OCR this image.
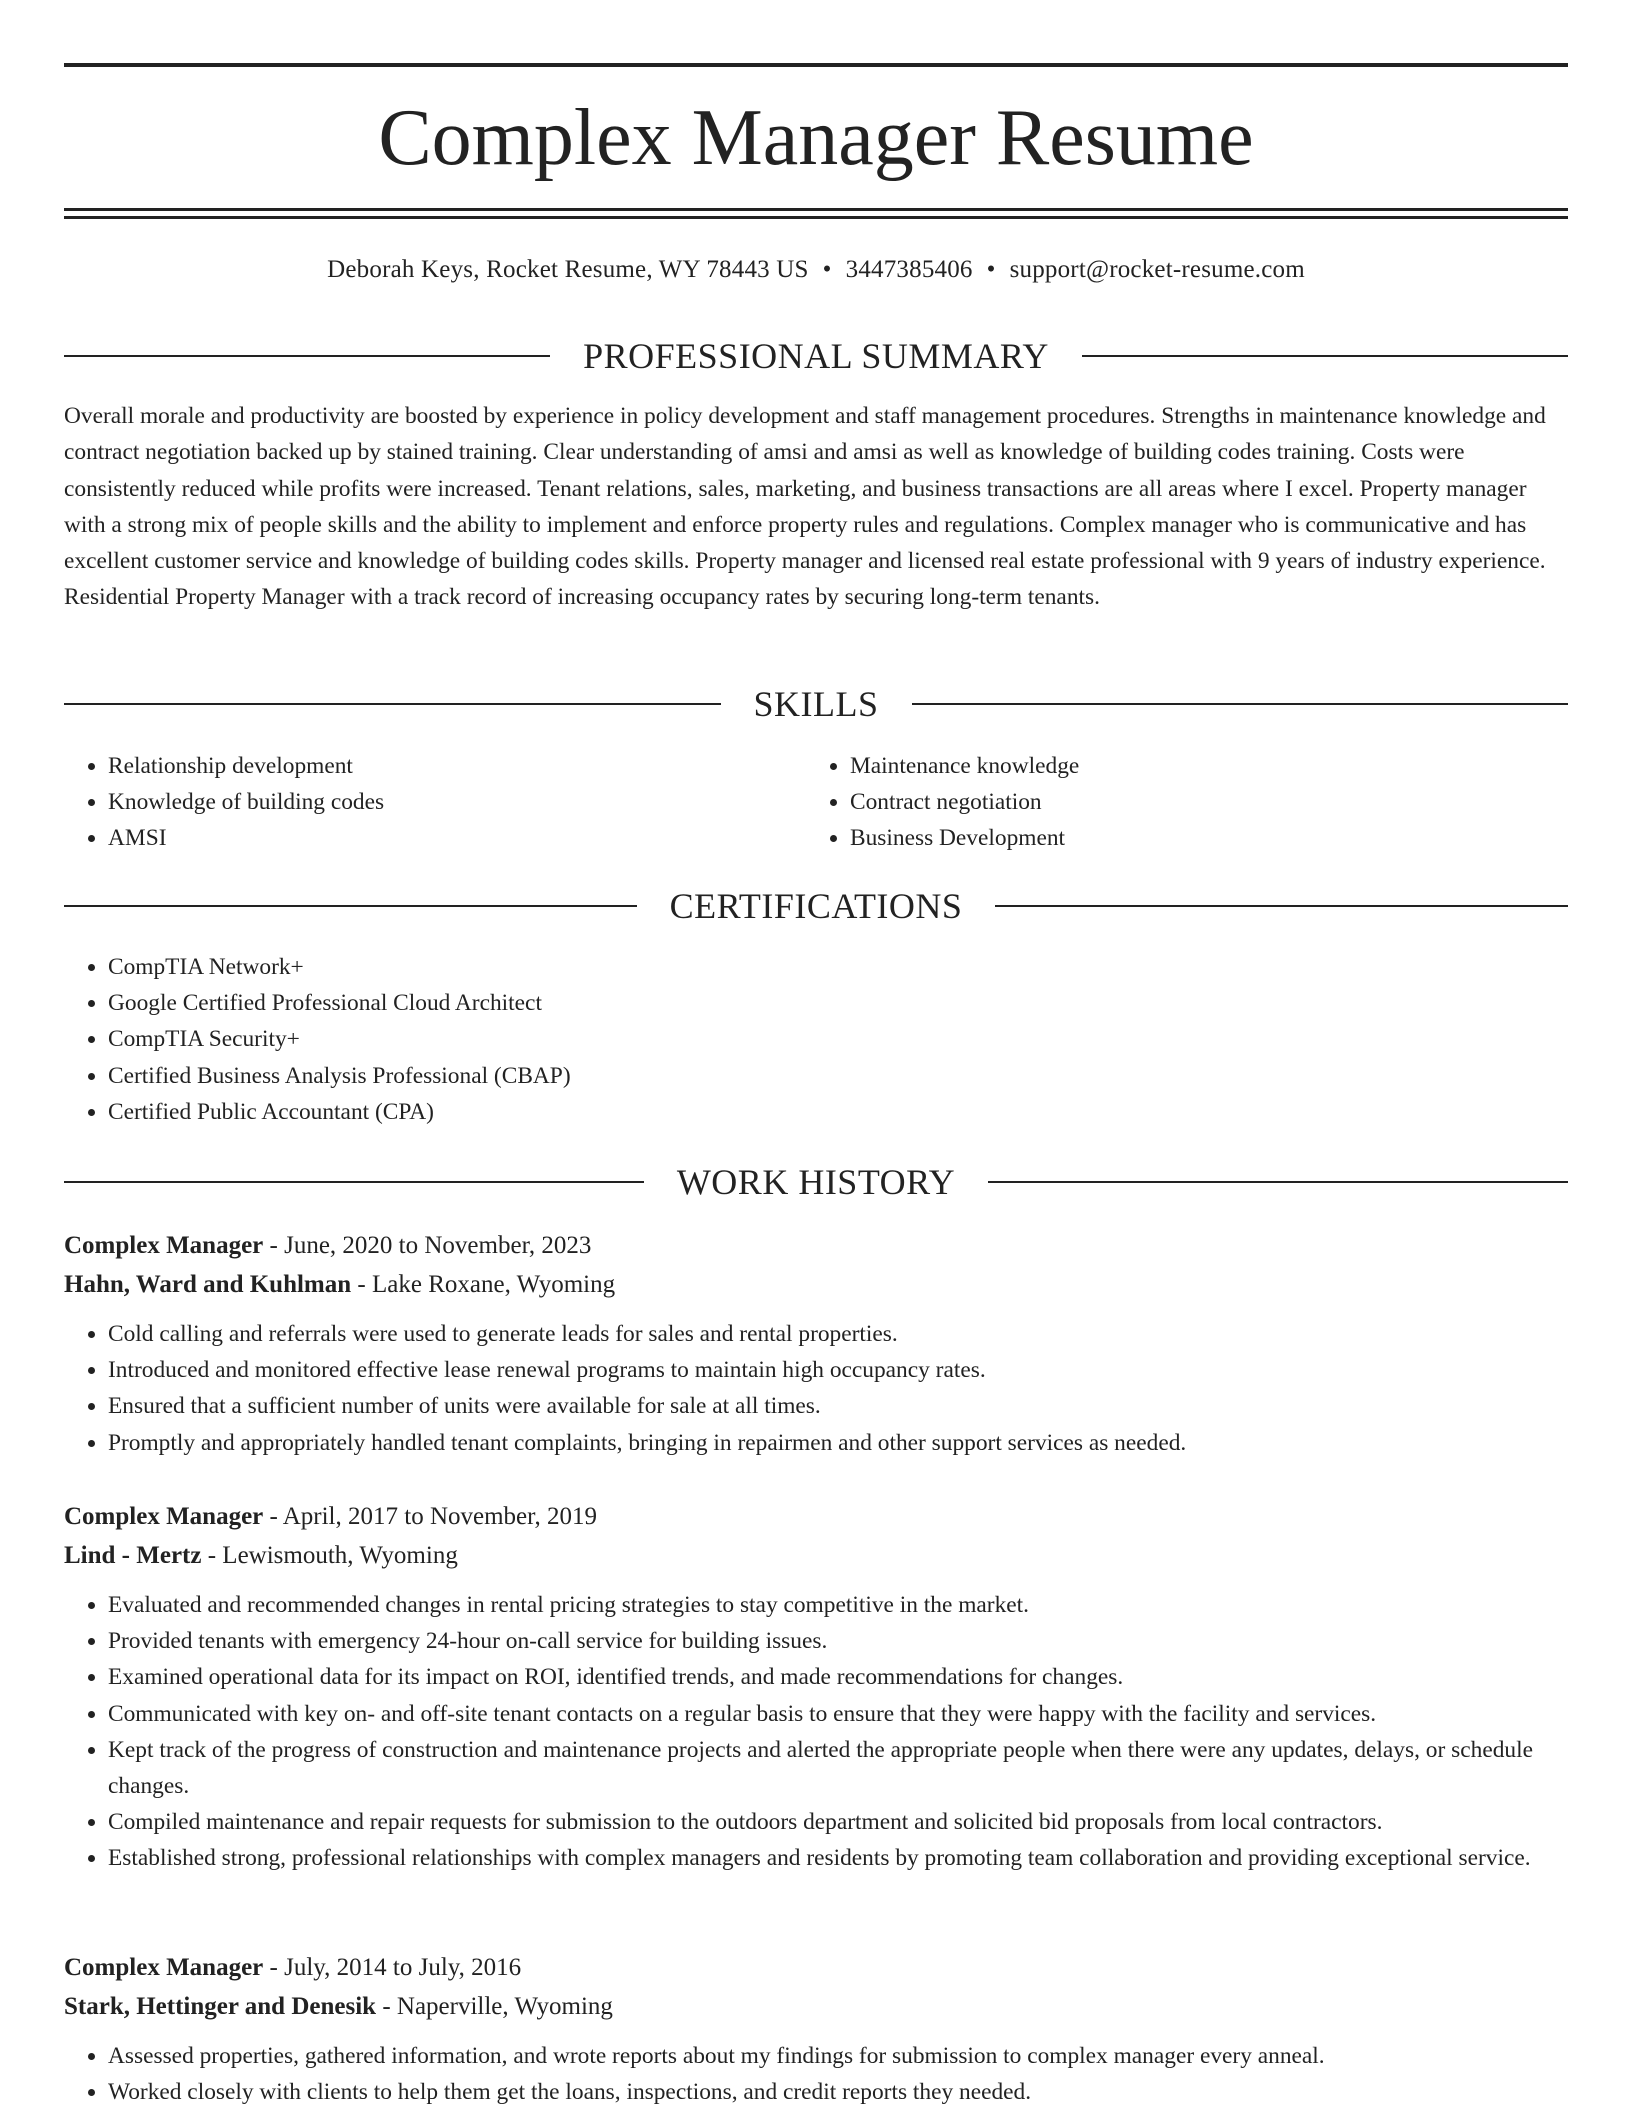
Complex Manager Resume
Deborah Keys, Rocket Resume, WY 78443 US • 3447385406 • support@rocket-resume.com
PROFESSIONAL SUMMARY

Overall morale and productivity are boosted by experience in policy development and staff management procedures. Strengths in maintenance knowledge and contract negotiation backed up by stained training. Clear understanding of amsi and amsi as well as knowledge of building codes training. Costs were consistently reduced while profits were increased. Tenant relations, sales, marketing, and business transactions are all areas where I excel. Property manager with a strong mix of people skills and the ability to implement and enforce property rules and regulations. Complex manager who is communicative and has excellent customer service and knowledge of building codes skills. Property manager and licensed real estate professional with 9 years of industry experience. Residential Property Manager with a track record of increasing occupancy rates by securing long-term tenants.

SKILLS
• Relationship development
• Knowledge of building codes
• AMSI
• Maintenance knowledge
• Contract negotiation
• Business Development
CERTIFICATIONS
• CompTIA Network+
• Google Certified Professional Cloud Architect
• CompTIA Security+
• Certified Business Analysis Professional (CBAP)
• Certified Public Accountant (CPA)
WORK HISTORY

Complex Manager - June, 2020 to November, 2023

Hahn, Ward and Kuhlman - Lake Roxane, Wyoming

• Cold calling and referrals were used to generate leads for sales and rental properties.
• Introduced and monitored effective lease renewal programs to maintain high occupancy rates.
• Ensured that a sufficient number of units were available for sale at all times.
• Promptly and appropriately handled tenant complaints, bringing in repairmen and other support services as needed.

Complex Manager - April, 2017 to November, 2019

Lind - Mertz - Lewismouth, Wyoming

• Evaluated and recommended changes in rental pricing strategies to stay competitive in the market.
• Provided tenants with emergency 24-hour on-call service for building issues.
• Examined operational data for its impact on ROI, identified trends, and made recommendations for changes.
• Communicated with key on- and off-site tenant contacts on a regular basis to ensure that they were happy with the facility and services.
• Kept track of the progress of construction and maintenance projects and alerted the appropriate people when there were any updates, delays, or schedule changes.
• Compiled maintenance and repair requests for submission to the outdoors department and solicited bid proposals from local contractors.
• Established strong, professional relationships with complex managers and residents by promoting team collaboration and providing exceptional service.

Complex Manager - July, 2014 to July, 2016

Stark, Hettinger and Denesik - Naperville, Wyoming

• Assessed properties, gathered information, and wrote reports about my findings for submission to complex manager every anneal.
• Worked closely with clients to help them get the loans, inspections, and credit reports they needed.
